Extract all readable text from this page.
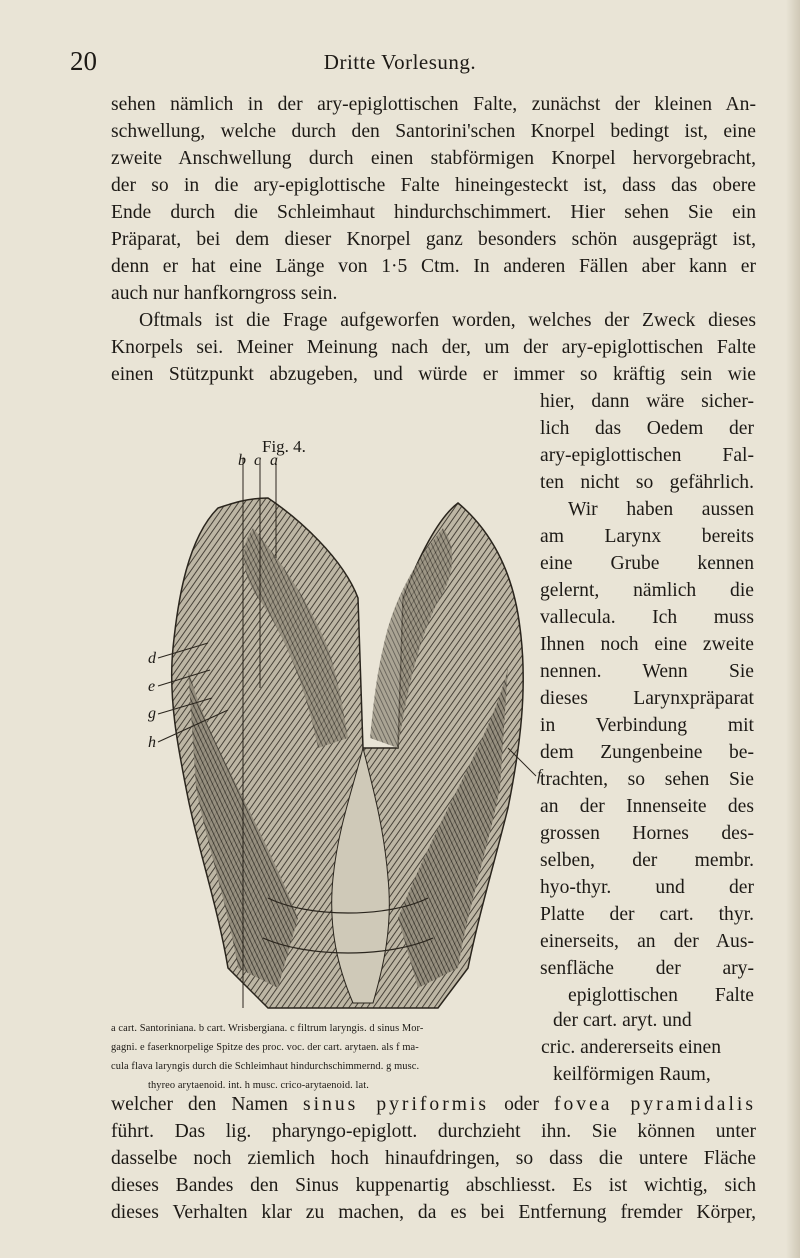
20	Dritte Vorlesung.
sehen nämlich in der ary-epiglottischen Falte, zunächst der kleinen An-
schwellung, welche durch den Santorini'schen Knorpel bedingt ist, eine
zweite Anschwellung durch einen stabförmigen Knorpel hervorgebracht,
der so in die ary-epiglottische Falte hineingesteckt ist, dass das obere
Ende durch die Schleimhaut hindurchschimmert. Hier sehen Sie ein
Präparat, bei dem dieser Knorpel ganz besonders schön ausgeprägt ist,
denn er hat eine Länge von 1·5 Ctm. In anderen Fällen aber kann er
auch nur hanfkorngross sein.
Oftmals ist die Frage aufgeworfen worden, welches der Zweck dieses
Knorpels sei. Meiner Meinung nach der, um der ary-epiglottischen Falte
einen Stützpunkt abzugeben, und würde er immer so kräftig sein wie
hier, dann wäre sicher-
lich das Oedem der
ary-epiglottischen Fal-
ten nicht so gefährlich.
Wir haben aussen
am Larynx bereits
eine Grube kennen
gelernt, nämlich die
vallecula. Ich muss
Ihnen noch eine zweite
nennen. Wenn Sie
dieses Larynxpräparat
in Verbindung mit
dem Zungenbeine be-
trachten, so sehen Sie
an der Innenseite des
grossen Hornes des-
selben, der membr.
hyo-thyr. und der
Platte der cart. thyr.
einerseits, an der Aus-
senfläche der ary-
epiglottischen Falte
Fig. 4.
b c a
d
e
g
h
f
a cart. Santoriniana. b cart. Wrisbergiana. c filtrum laryngis. d sinus Mor-
gagni. e faserknorpelige Spitze des proc. voc. der cart. arytaen. als f ma-
cula flava laryngis durch die Schleimhaut hindurchschimmernd. g musc.
thyreo arytaenoid. int. h musc. crico-arytaenoid. lat.
der cart. aryt. und
cric. andererseits einen
keilförmigen Raum,
welcher den Namen sinus pyriformis oder fovea pyramidalis
führt. Das lig. pharyngo-epiglott. durchzieht ihn. Sie können unter
dasselbe noch ziemlich hoch hinaufdringen, so dass die untere Fläche
dieses Bandes den Sinus kuppenartig abschliesst. Es ist wichtig, sich
dieses Verhalten klar zu machen, da es bei Entfernung fremder Körper,
